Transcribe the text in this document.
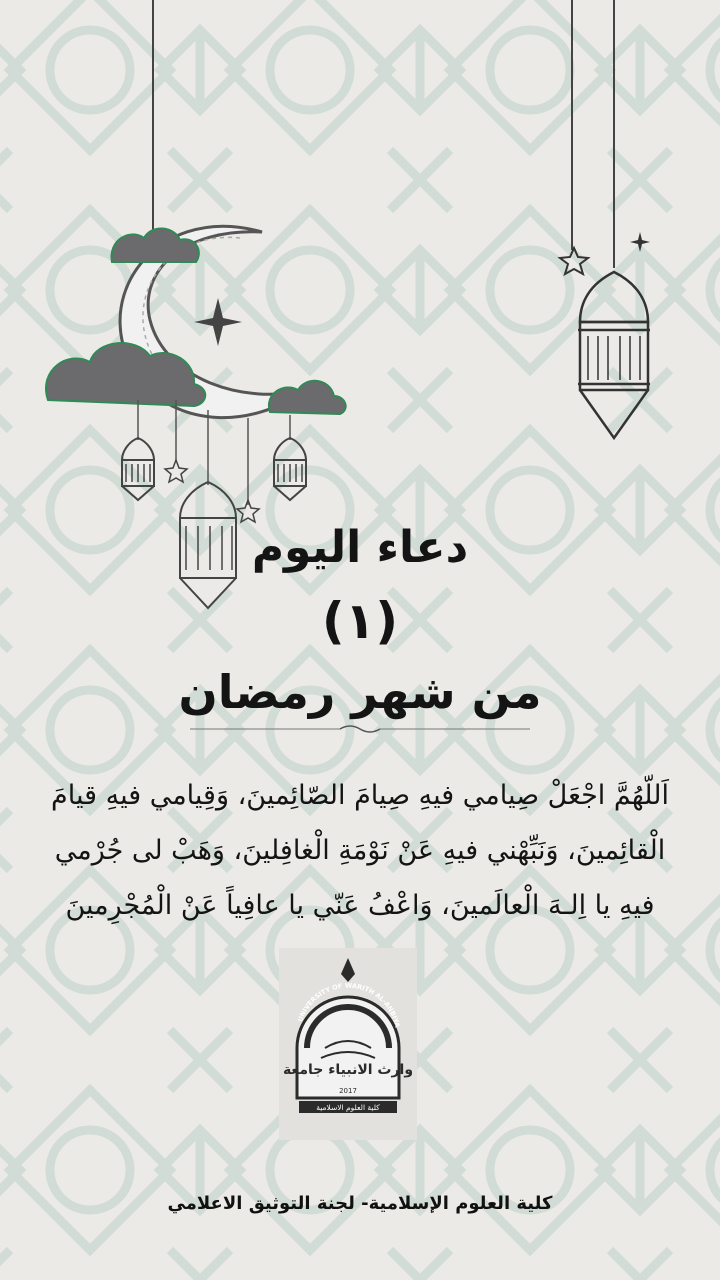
دعاء اليوم
(١)
من شهر رمضان
اَللّهُمَّ اجْعَلْ صِيامي فيهِ صِيامَ الصّائِمينَ، وَقِيامي فيهِ قيامَ الْقائِمينَ، وَنَبِّهْني فيهِ عَنْ نَوْمَةِ الْغافِلينَ، وَهَبْ لى جُرْمي فيهِ يا اِلـهَ الْعالَمينَ، وَاعْفُ عَنّي يا عافِياً عَنْ الْمُجْرِمينَ
UNIVERSITY OF WARITH AL-ANBIYA
وارث الانبياء جامعة
2017
كلية العلوم الاسلامية
كلية العلوم الإسلامية- لجنة التوثيق الاعلامي
